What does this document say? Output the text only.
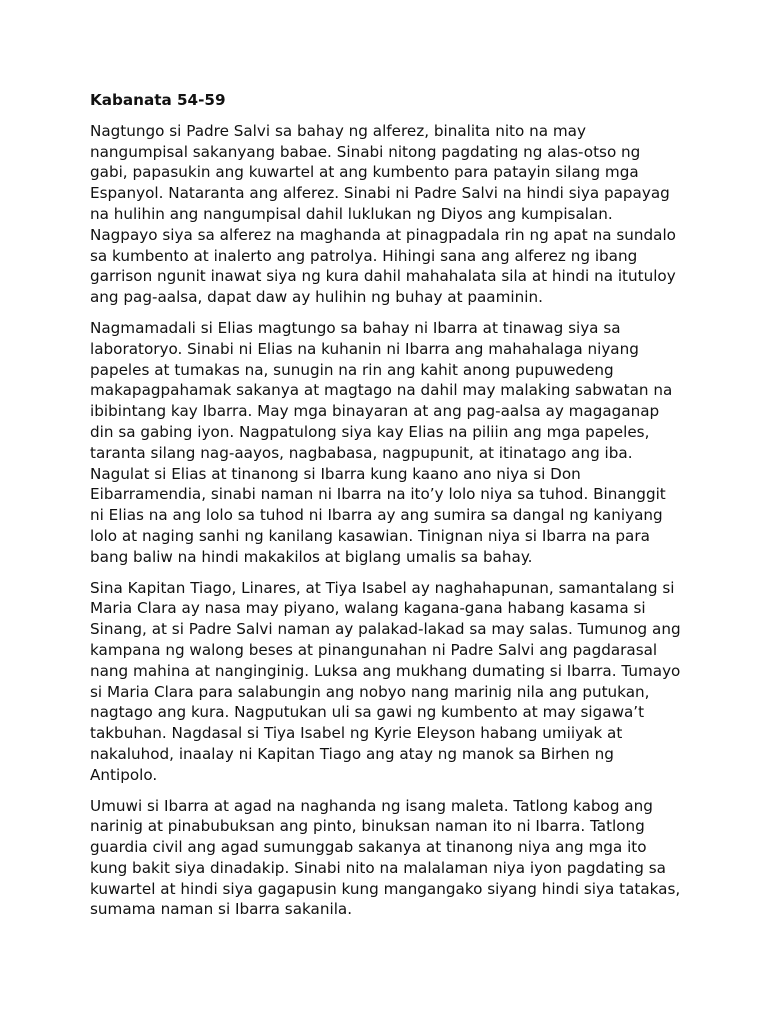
Kabanata 54-59

Nagtungo si Padre Salvi sa bahay ng alferez, binalita nito na may nangumpisal sakanyang babae. Sinabi nitong pagdating ng alas-otso ng gabi, papasukin ang kuwartel at ang kumbento para patayin silang mga Espanyol. Nataranta ang alferez. Sinabi ni Padre Salvi na hindi siya papayag na hulihin ang nangumpisal dahil luklukan ng Diyos ang kumpisalan. Nagpayo siya sa alferez na maghanda at pinagpadala rin ng apat na sundalo sa kumbento at inalerto ang patrolya. Hihingi sana ang alferez ng ibang garrison ngunit inawat siya ng kura dahil mahahalata sila at hindi na itutuloy ang pag-aalsa, dapat daw ay hulihin ng buhay at paaminin.

Nagmamadali si Elias magtungo sa bahay ni Ibarra at tinawag siya sa laboratoryo. Sinabi ni Elias na kuhanin ni Ibarra ang mahahalaga niyang papeles at tumakas na, sunugin na rin ang kahit anong pupuwedeng makapagpahamak sakanya at magtago na dahil may malaking sabwatan na ibibintang kay Ibarra. May mga binayaran at ang pag-aalsa ay magaganap din sa gabing iyon. Nagpatulong siya kay Elias na piliin ang mga papeles, taranta silang nag-aayos, nagbabasa, nagpupunit, at itinatago ang iba. Nagulat si Elias at tinanong si Ibarra kung kaano ano niya si Don Eibarramendia, sinabi naman ni Ibarra na ito’y lolo niya sa tuhod. Binanggit ni Elias na ang lolo sa tuhod ni Ibarra ay ang sumira sa dangal ng kaniyang lolo at naging sanhi ng kanilang kasawian. Tinignan niya si Ibarra na para bang baliw na hindi makakilos at biglang umalis sa bahay.

Sina Kapitan Tiago, Linares, at Tiya Isabel ay naghahapunan, samantalang si Maria Clara ay nasa may piyano, walang kagana-gana habang kasama si Sinang, at si Padre Salvi naman ay palakad-lakad sa may salas. Tumunog ang kampana ng walong beses at pinangunahan ni Padre Salvi ang pagdarasal nang mahina at nanginginig. Luksa ang mukhang dumating si Ibarra. Tumayo si Maria Clara para salabungin ang nobyo nang marinig nila ang putukan, nagtago ang kura. Nagputukan uli sa gawi ng kumbento at may sigawa’t takbuhan. Nagdasal si Tiya Isabel ng Kyrie Eleyson habang umiiyak at nakaluhod, inaalay ni Kapitan Tiago ang atay ng manok sa Birhen ng Antipolo.

Umuwi si Ibarra at agad na naghanda ng isang maleta. Tatlong kabog ang narinig at pinabubuksan ang pinto, binuksan naman ito ni Ibarra. Tatlong guardia civil ang agad sumunggab sakanya at tinanong niya ang mga ito kung bakit siya dinadakip. Sinabi nito na malalaman niya iyon pagdating sa kuwartel at hindi siya gagapusin kung mangangako siyang hindi siya tatakas, sumama naman si Ibarra sakanila.
